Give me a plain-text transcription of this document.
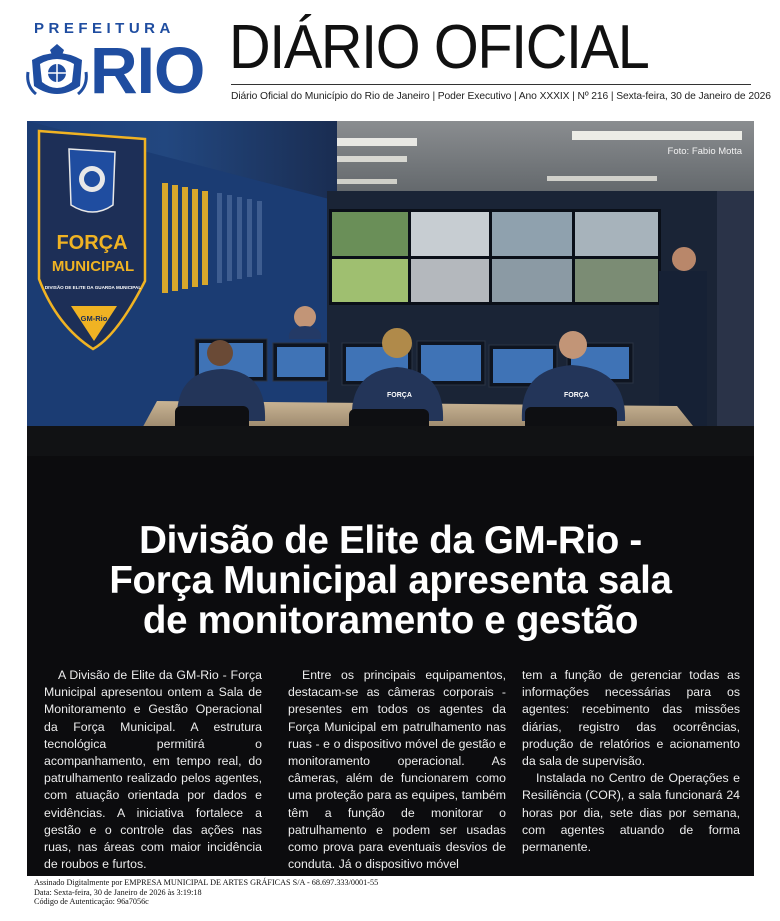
PREFEITURA
RIO DIÁRIO OFICIAL
Diário Oficial do Município do Rio de Janeiro | Poder Executivo | Ano XXXIX | Nº 216 | Sexta-feira, 30 de Janeiro de 2026
FORÇA
MUNICIPAL
DIVISÃO DE ELITE DA GUARDA MUNICIPAL
GM-Rio
FORÇA	FORÇA
Foto: Fabio Motta
Divisão de Elite da GM-Rio -
Força Municipal apresenta sala
de monitoramento e gestão

A Divisão de Elite da GM-Rio - Força Municipal apresentou ontem a Sala de Monitoramento e Gestão Operacional da Força Municipal. A estrutura tecnológica permitirá o acompanhamento, em tempo real, do patrulhamento realizado pelos agentes, com atuação orientada por dados e evidências. A iniciativa fortalece a gestão e o controle das ações nas ruas, nas áreas com maior incidência de roubos e furtos.

Entre os principais equipamentos, destacam-se as câmeras corporais - presentes em todos os agentes da Força Municipal em patrulhamento nas ruas - e o dispositivo móvel de gestão e monitoramento operacional. As câmeras, além de funcionarem como uma proteção para as equipes, também têm a função de monitorar o patrulhamento e podem ser usadas como prova para eventuais desvios de conduta. Já o dispositivo móvel

tem a função de gerenciar todas as informações necessárias para os agentes: recebimento das missões diárias, registro das ocorrências, produção de relatórios e acionamento da sala de supervisão.

Instalada no Centro de Operações e Resiliência (COR), a sala funcionará 24 horas por dia, sete dias por semana, com agentes atuando de forma permanente.

Assinado Digitalmente por EMPRESA MUNICIPAL DE ARTES GRÁFICAS S/A - 68.697.333/0001-55
Data: Sexta-feira, 30 de Janeiro de 2026 às 3:19:18
Código de Autenticação: 96a7056c
